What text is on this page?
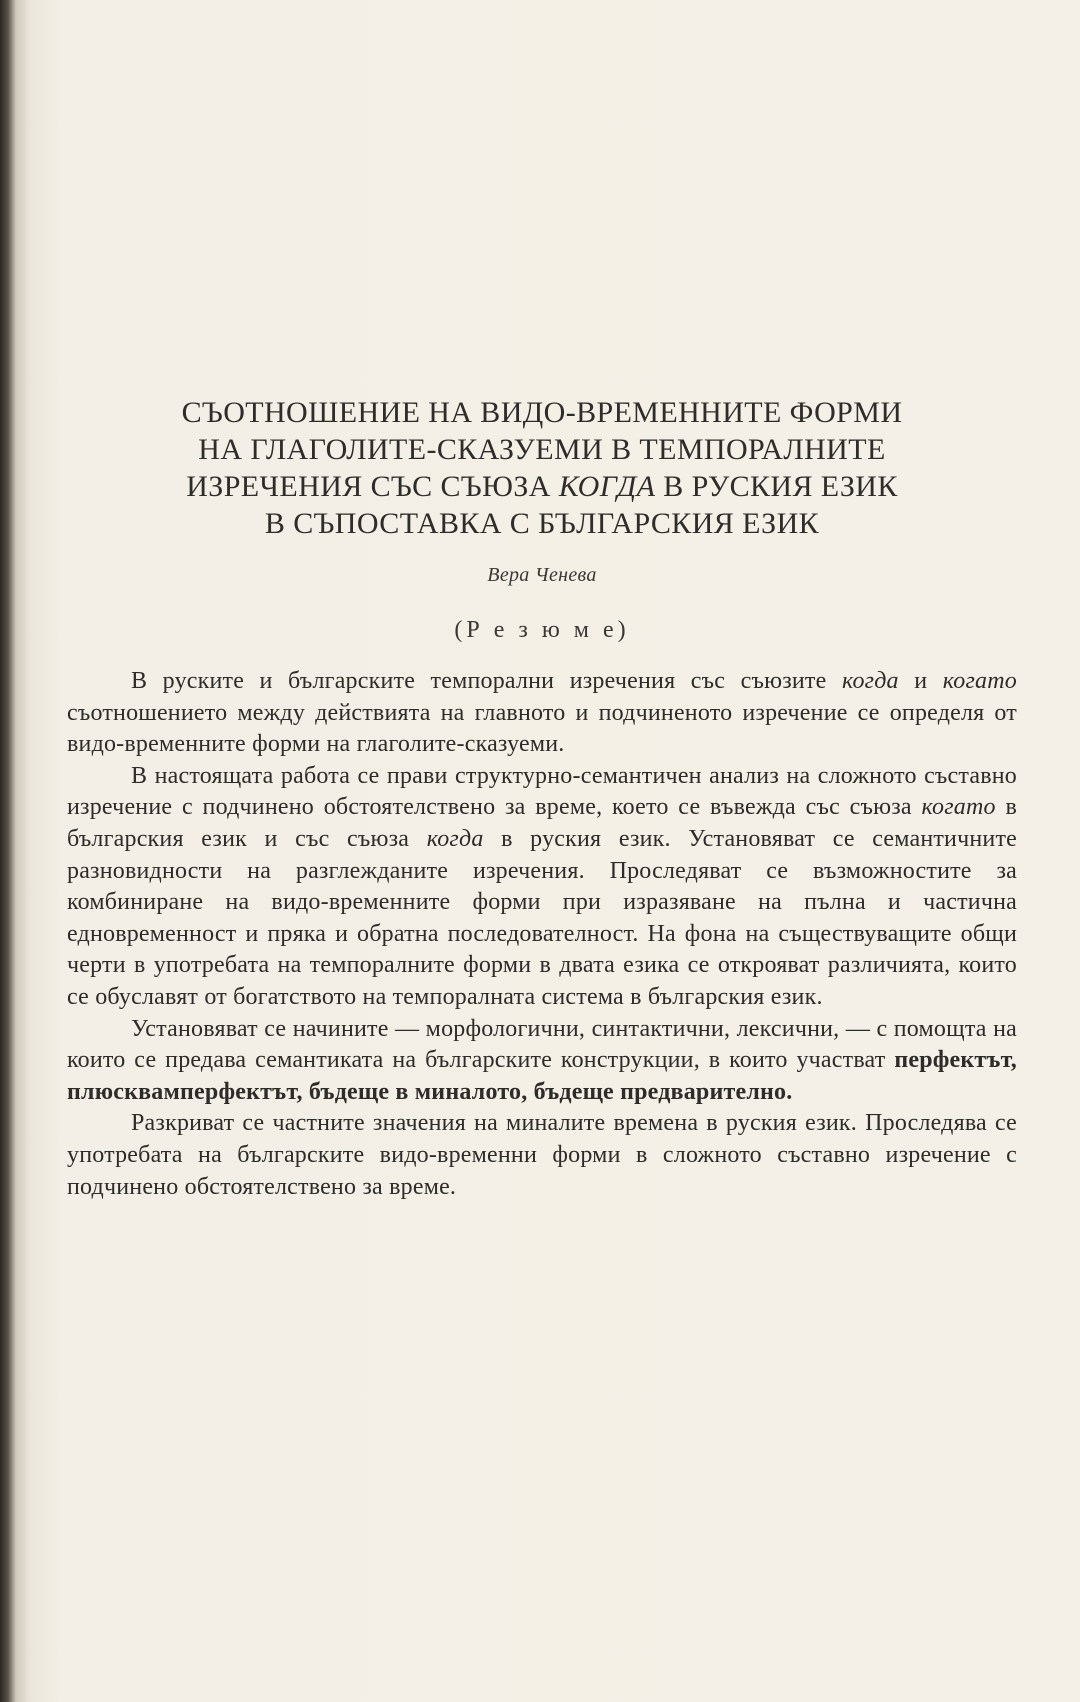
СЪОТНОШЕНИЕ НА ВИДО-ВРЕМЕННИТЕ ФОРМИ
НА ГЛАГОЛИТЕ-СКАЗУЕМИ В ТЕМПОРАЛНИТЕ
ИЗРЕЧЕНИЯ СЪС СЪЮЗА КОГДА В РУСКИЯ ЕЗИК
В СЪПОСТАВКА С БЪЛГАРСКИЯ ЕЗИК
Вера Ченева
(Р е з ю м е)

В руските и българските темпорални изречения със съюзите когда и когато съотношението между действията на главното и подчиненото изречение се определя от видо-временните форми на глаголите-сказуеми.

В настоящата работа се прави структурно-семантичен анализ на сложното съставно изречение с подчинено обстоятелствено за време, което се въвежда със съюза когато в българския език и със съюза когда в руския език. Установяват се семантичните разновидности на разглежданите изречения. Проследяват се възможностите за комбиниране на видо-временните форми при изразяване на пълна и частична едновременност и пряка и обратна последователност. На фона на съществуващите общи черти в употребата на темпоралните форми в двата езика се открояват различията, които се обуславят от богатството на темпоралната система в българския език.

Установяват се начините — морфологични, синтактични, лексични, — с помощта на които се предава семантиката на българските конструкции, в които участват перфектът, плюсквамперфектът, бъдеще в миналото, бъдеще предварително.

Разкриват се частните значения на миналите времена в руския език. Проследява се употребата на българските видо-временни форми в сложното съставно изречение с подчинено обстоятелствено за време.
